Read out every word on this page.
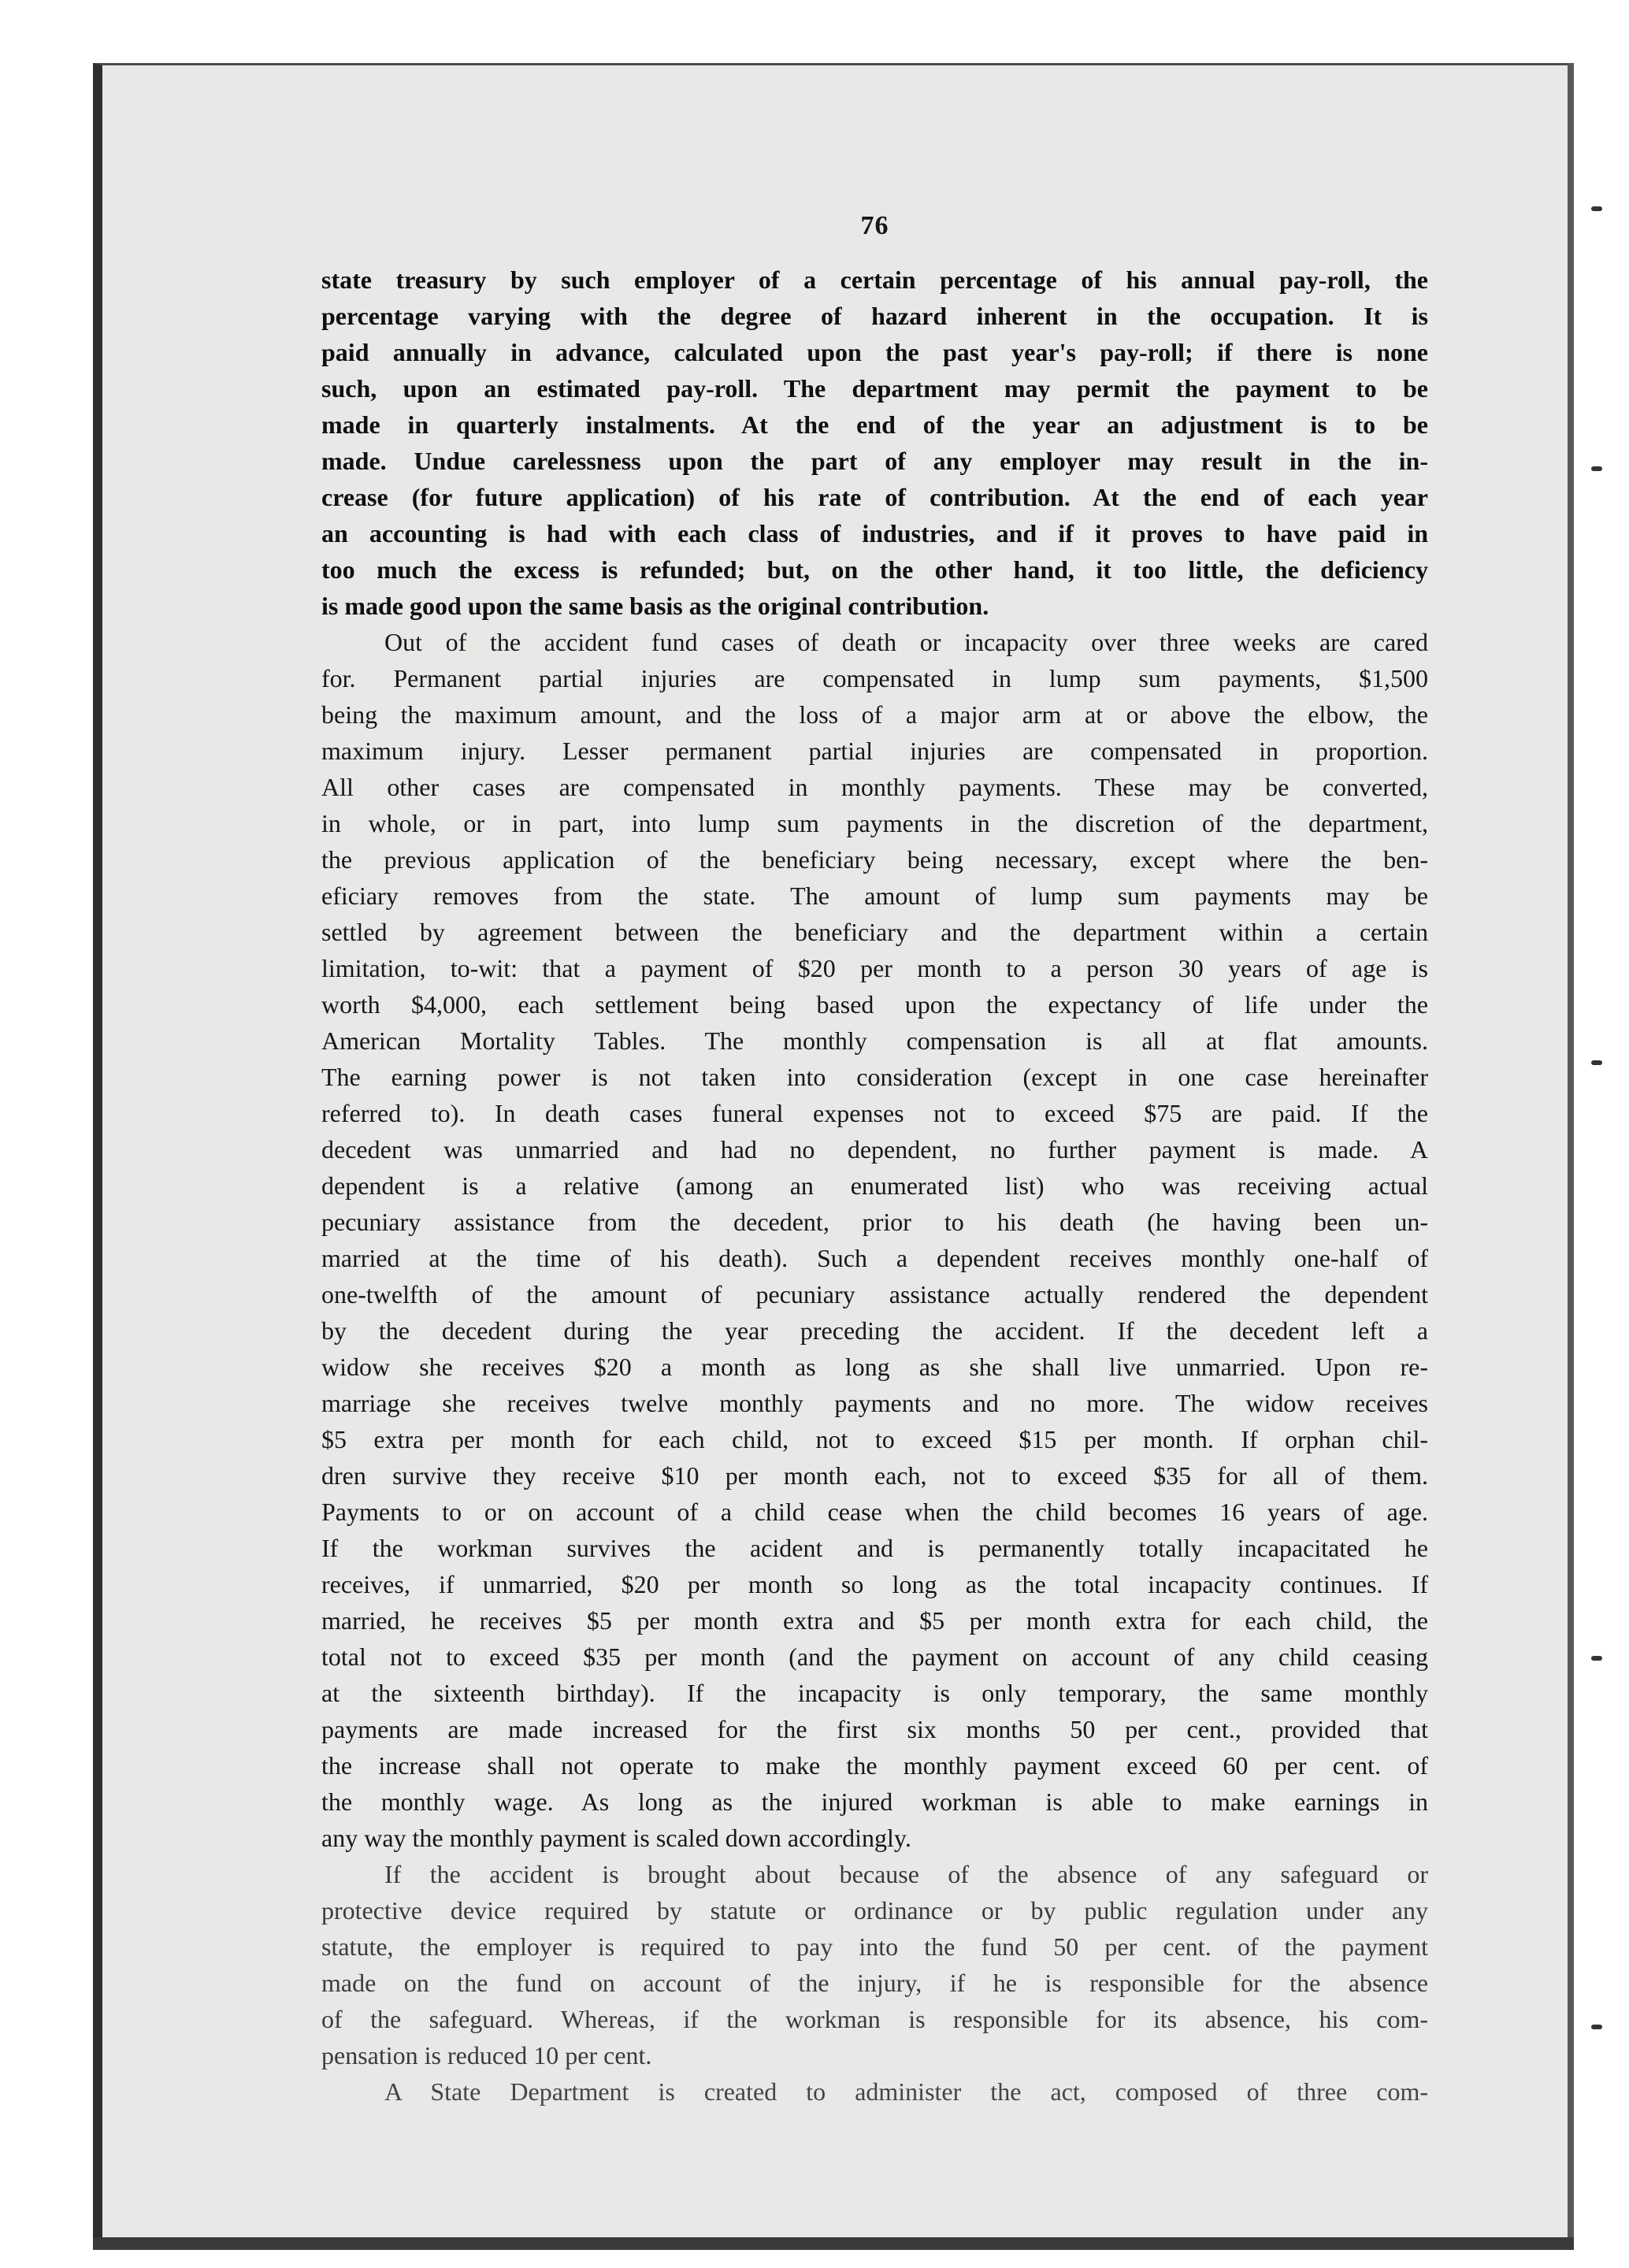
76
state treasury by such employer of a certain percentage of his annual pay-roll, the
percentage varying with the degree of hazard inherent in the occupation. It is
paid annually in advance, calculated upon the past year's pay-roll; if there is none
such, upon an estimated pay-roll. The department may permit the payment to be
made in quarterly instalments. At the end of the year an adjustment is to be
made. Undue carelessness upon the part of any employer may result in the in-
crease (for future application) of his rate of contribution. At the end of each year
an accounting is had with each class of industries, and if it proves to have paid in
too much the excess is refunded; but, on the other hand, it too little, the deficiency
is made good upon the same basis as the original contribution.
Out of the accident fund cases of death or incapacity over three weeks are cared
for. Permanent partial injuries are compensated in lump sum payments, $1,500
being the maximum amount, and the loss of a major arm at or above the elbow, the
maximum injury. Lesser permanent partial injuries are compensated in proportion.
All other cases are compensated in monthly payments. These may be converted,
in whole, or in part, into lump sum payments in the discretion of the department,
the previous application of the beneficiary being necessary, except where the ben-
eficiary removes from the state. The amount of lump sum payments may be
settled by agreement between the beneficiary and the department within a certain
limitation, to-wit: that a payment of $20 per month to a person 30 years of age is
worth $4,000, each settlement being based upon the expectancy of life under the
American Mortality Tables. The monthly compensation is all at flat amounts.
The earning power is not taken into consideration (except in one case hereinafter
referred to). In death cases funeral expenses not to exceed $75 are paid. If the
decedent was unmarried and had no dependent, no further payment is made. A
dependent is a relative (among an enumerated list) who was receiving actual
pecuniary assistance from the decedent, prior to his death (he having been un-
married at the time of his death). Such a dependent receives monthly one-half of
one-twelfth of the amount of pecuniary assistance actually rendered the dependent
by the decedent during the year preceding the accident. If the decedent left a
widow she receives $20 a month as long as she shall live unmarried. Upon re-
marriage she receives twelve monthly payments and no more. The widow receives
$5 extra per month for each child, not to exceed $15 per month. If orphan chil-
dren survive they receive $10 per month each, not to exceed $35 for all of them.
Payments to or on account of a child cease when the child becomes 16 years of age.
If the workman survives the acident and is permanently totally incapacitated he
receives, if unmarried, $20 per month so long as the total incapacity continues. If
married, he receives $5 per month extra and $5 per month extra for each child, the
total not to exceed $35 per month (and the payment on account of any child ceasing
at the sixteenth birthday). If the incapacity is only temporary, the same monthly
payments are made increased for the first six months 50 per cent., provided that
the increase shall not operate to make the monthly payment exceed 60 per cent. of
the monthly wage. As long as the injured workman is able to make earnings in
any way the monthly payment is scaled down accordingly.
If the accident is brought about because of the absence of any safeguard or
protective device required by statute or ordinance or by public regulation under any
statute, the employer is required to pay into the fund 50 per cent. of the payment
made on the fund on account of the injury, if he is responsible for the absence
of the safeguard. Whereas, if the workman is responsible for its absence, his com-
pensation is reduced 10 per cent.
A State Department is created to administer the act, composed of three com-
